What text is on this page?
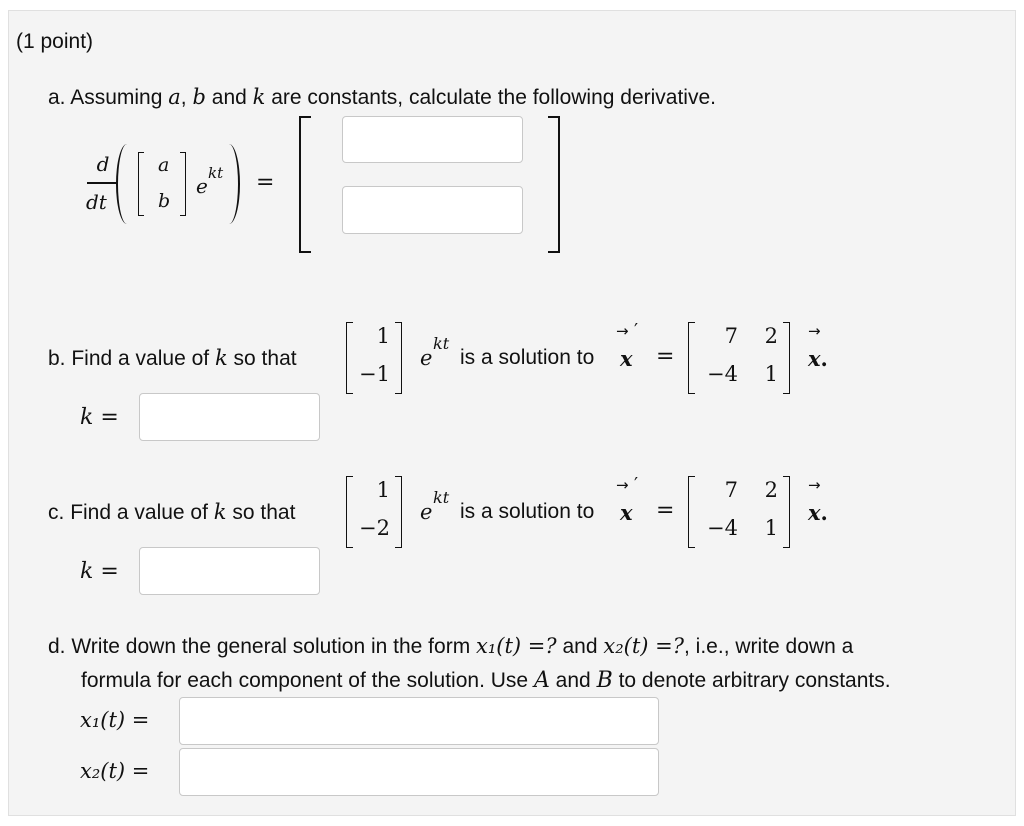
(1 point)
a. Assuming a, b and k are constants, calculate the following derivative.
d
dt
a
b
e
kt =
b. Find a value of k so that
1
−1
e
kt
is a solution to
→ ′
x =
7	2
−4	1
→
x.
k =
c. Find a value of k so that
1
−2
e
kt
is a solution to
→ ′
x =
7	2
−4	1
→
x.
k =
d. Write down the general solution in the form x₁(t) =? and x₂(t) =?, i.e., write down a
formula for each component of the solution. Use A and B to denote arbitrary constants.
x₁(t) =
x₂(t) =
